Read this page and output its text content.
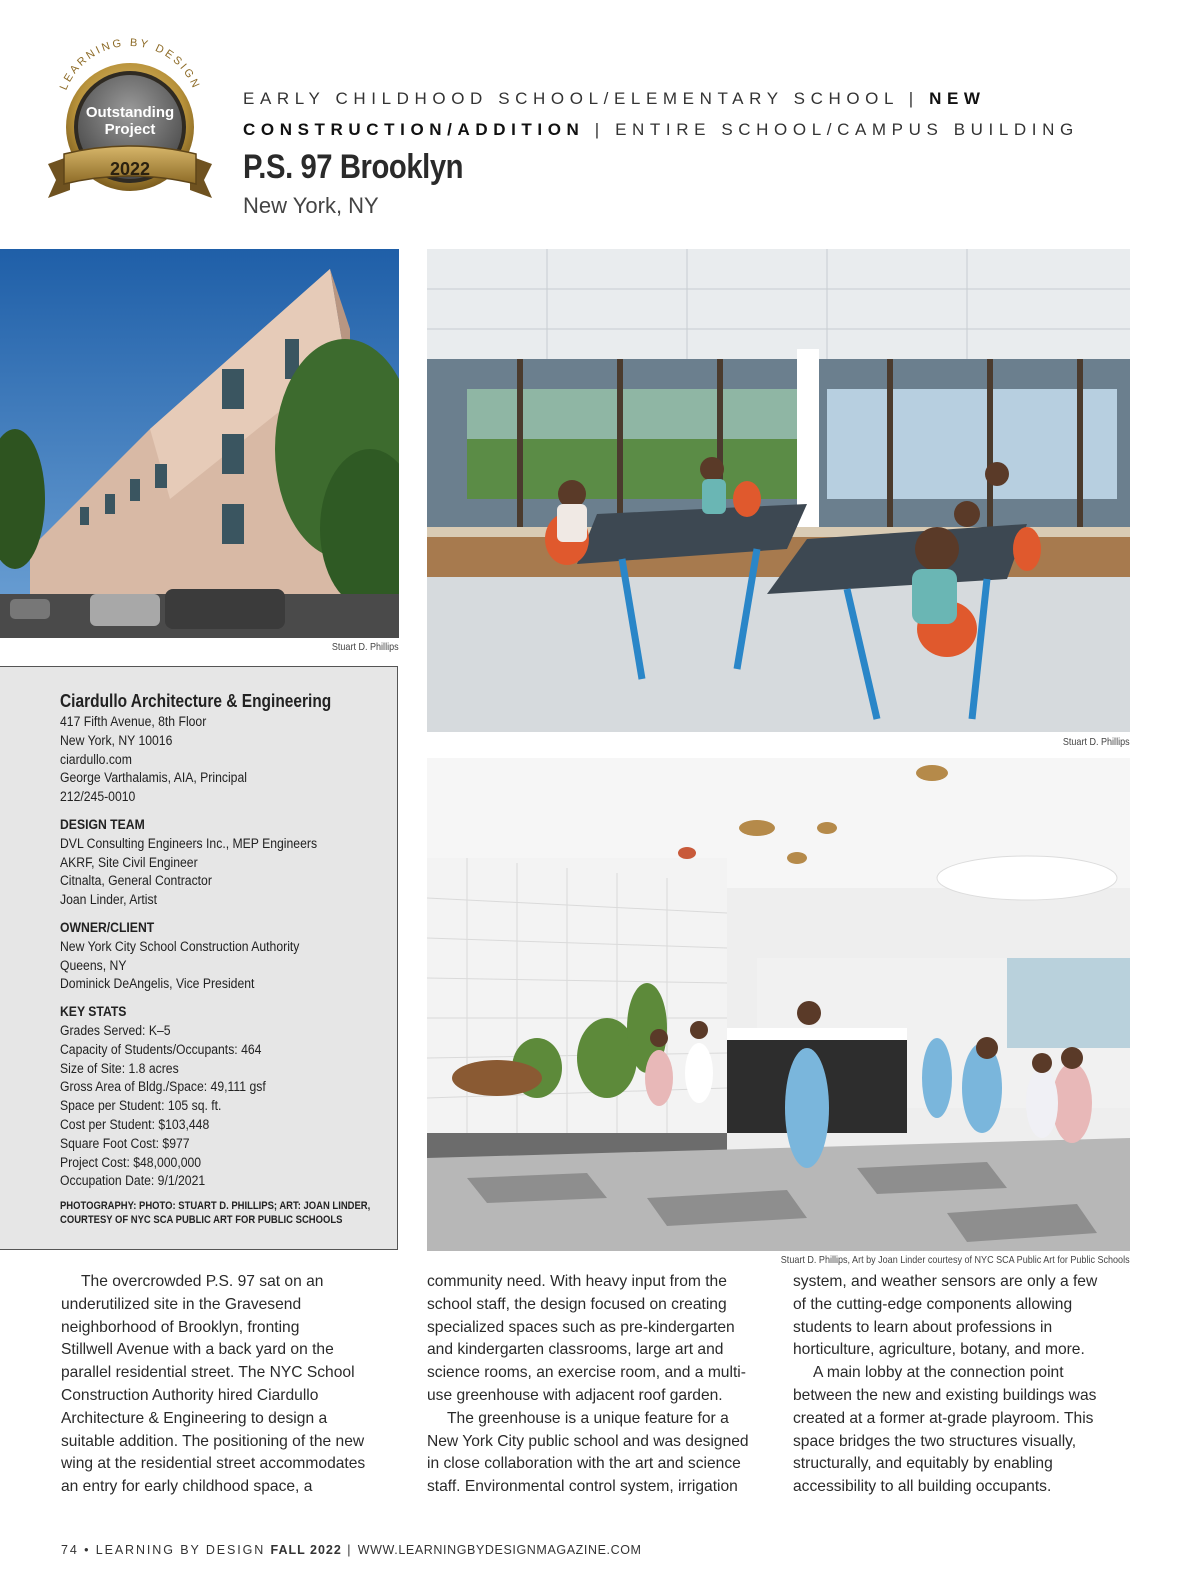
LEARNING BY DESIGN
Outstanding
Project
2022
EARLY CHILDHOOD SCHOOL/ELEMENTARY SCHOOL | NEW
CONSTRUCTION/ADDITION | ENTIRE SCHOOL/CAMPUS BUILDING
P.S. 97 Brooklyn
New York, NY
Stuart D. Phillips
Stuart D. Phillips
Stuart D. Phillips, Art by Joan Linder courtesy of NYC SCA Public Art for Public Schools
Ciardullo Architecture & Engineering
417 Fifth Avenue, 8th Floor
New York, NY 10016
ciardullo.com
George Varthalamis, AIA, Principal
212/245-0010
DESIGN TEAM
DVL Consulting Engineers Inc., MEP Engineers
AKRF, Site Civil Engineer
Citnalta, General Contractor
Joan Linder, Artist
OWNER/CLIENT
New York City School Construction Authority
Queens, NY
Dominick DeAngelis, Vice President
KEY STATS
Grades Served: K–5
Capacity of Students/Occupants: 464
Size of Site: 1.8 acres
Gross Area of Bldg./Space: 49,111 gsf
Space per Student: 105 sq. ft.
Cost per Student: $103,448
Square Foot Cost: $977
Project Cost: $48,000,000
Occupation Date: 9/1/2021
PHOTOGRAPHY: PHOTO: STUART D. PHILLIPS; ART: JOAN LINDER,
COURTESY OF NYC SCA PUBLIC ART FOR PUBLIC SCHOOLS

The overcrowded P.S. 97 sat on an

underutilized site in the Gravesend

neighborhood of Brooklyn, fronting

Stillwell Avenue with a back yard on the

parallel residential street. The NYC School

Construction Authority hired Ciardullo

Architecture & Engineering to design a

suitable addition. The positioning of the new

wing at the residential street accommodates

an entry for early childhood space, a

community need. With heavy input from the

school staff, the design focused on creating

specialized spaces such as pre-kindergarten

and kindergarten classrooms, large art and

science rooms, an exercise room, and a multi-

use greenhouse with adjacent roof garden.

The greenhouse is a unique feature for a

New York City public school and was designed

in close collaboration with the art and science

staff. Environmental control system, irrigation

system, and weather sensors are only a few

of the cutting-edge components allowing

students to learn about professions in

horticulture, agriculture, botany, and more.

A main lobby at the connection point

between the new and existing buildings was

created at a former at-grade playroom. This

space bridges the two structures visually,

structurally, and equitably by enabling

accessibility to all building occupants.

74 • LEARNING BY DESIGN FALL 2022 | WWW.LEARNINGBYDESIGNMAGAZINE.COM
